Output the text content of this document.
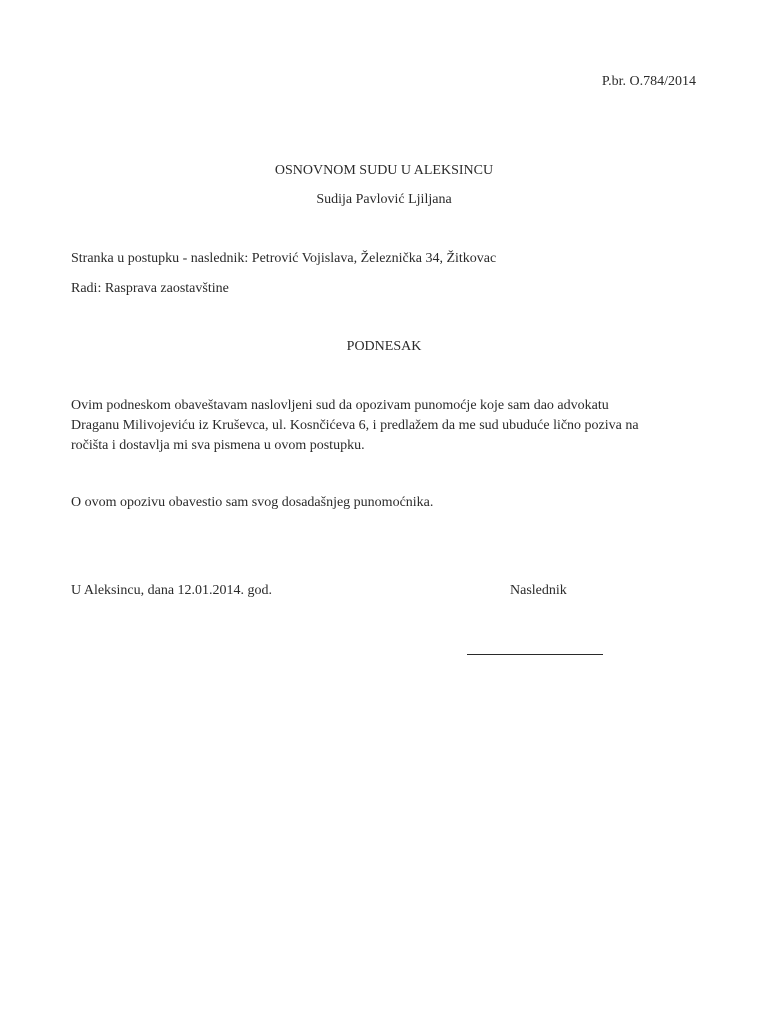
P.br. O.784/2014
OSNOVNOM SUDU U ALEKSINCU
Sudija Pavlović Ljiljana
Stranka u postupku - naslednik: Petrović Vojislava, Železnička 34, Žitkovac
Radi: Rasprava zaostavštine
PODNESAK
Ovim podneskom obaveštavam naslovljeni sud da opozivam punomoćje koje sam dao advokatu
Draganu Milivojeviću iz Kruševca, ul. Kosnčićeva 6, i predlažem da me sud ubuduće lično poziva na
ročišta i dostavlja mi sva pismena u ovom postupku.
O ovom opozivu obavestio sam svog dosadašnjeg punomoćnika.
U Aleksincu, dana 12.01.2014. god.	Naslednik
